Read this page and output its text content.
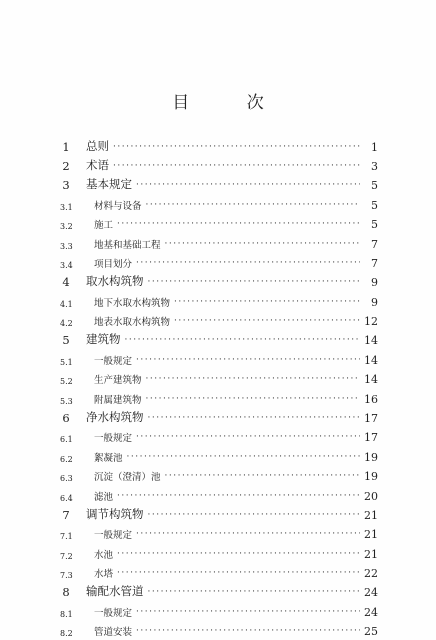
目 次
1	总则 ·····	1
2	术语 ·····	3
3	基本规定 ·····	5
3.1	材料与设备 ·····	5
3.2	施工 ·····	5
3.3	地基和基础工程 ·····	7
3.4	项目划分 ·····	7
4	取水构筑物 ·····	9
4.1	地下水取水构筑物 ·····	9
4.2	地表水取水构筑物 ·····	12
5	建筑物 ·····	14
5.1	一般规定 ·····	14
5.2	生产建筑物 ·····	14
5.3	附属建筑物 ·····	16
6	净水构筑物 ·····	17
6.1	一般规定 ·····	17
6.2	絮凝池 ·····	19
6.3	沉淀（澄清）池 ·····	19
6.4	滤池 ·····	20
7	调节构筑物 ·····	21
7.1	一般规定 ·····	21
7.2	水池 ·····	21
7.3	水塔 ·····	22
8	输配水管道 ·····	24
8.1	一般规定 ·····	24
8.2	管道安装 ·····	25
